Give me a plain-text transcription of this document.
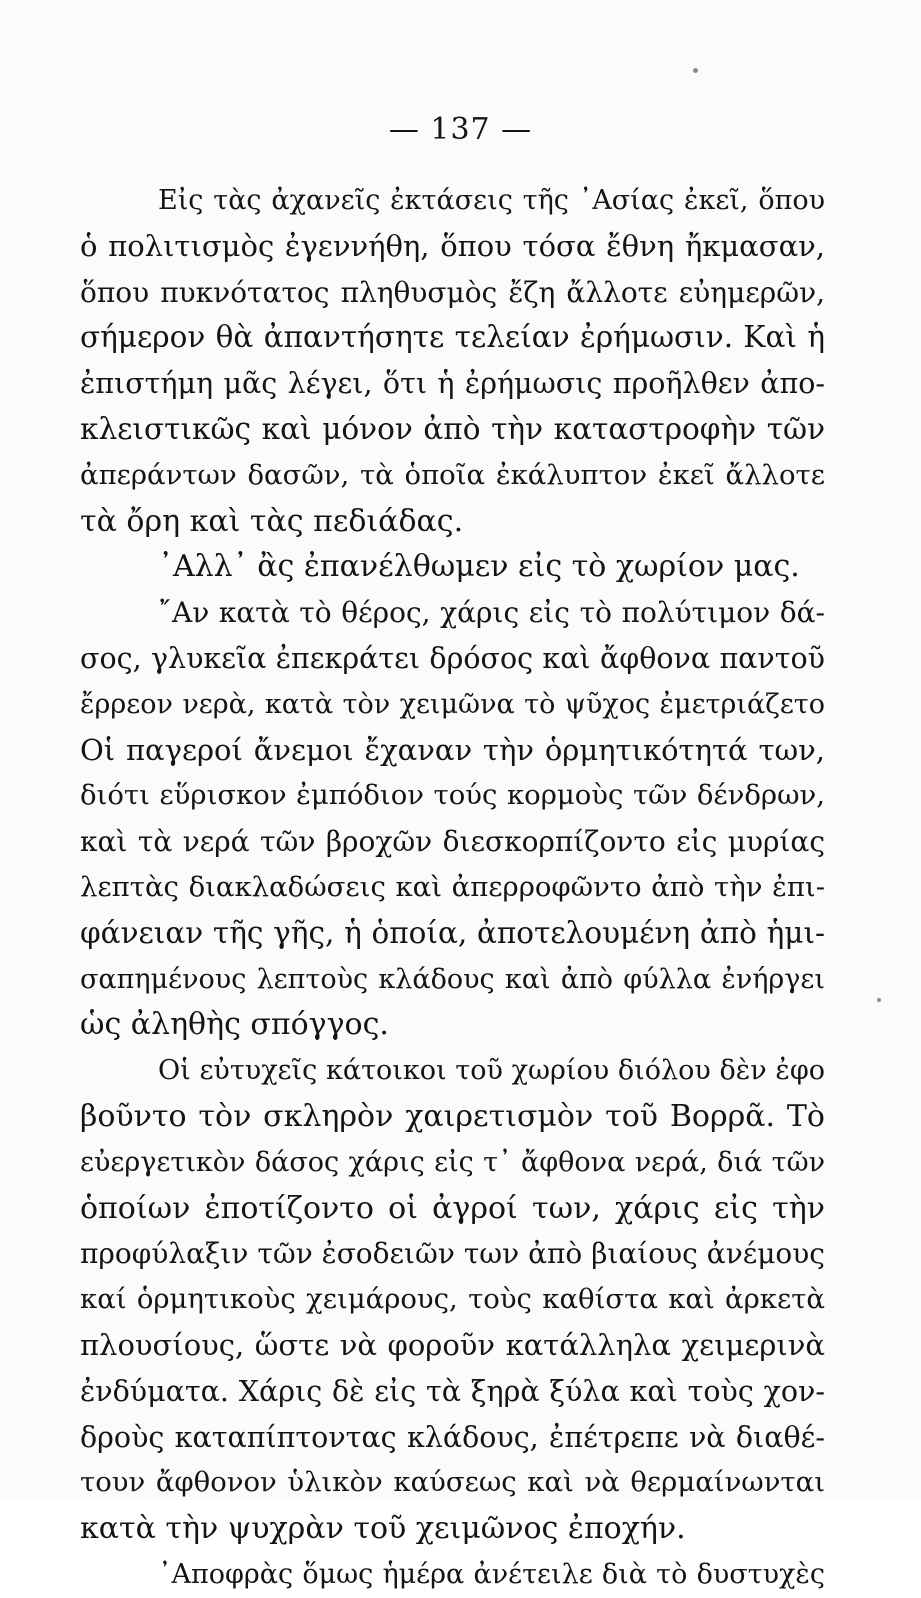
— 137 —
Εἰς τὰς ἀχανεῖς ἐκτάσεις τῆς ᾿Ασίας ἐκεῖ, ὅπου
ὁ πολιτισμὸς ἐγεννήθη, ὅπου τόσα ἔθνη ἤκμασαν,
ὅπου πυκνότατος πληθυσμὸς ἔζη ἄλλοτε εὐημερῶν,
σήμερον θὰ ἀπαντήσητε τελείαν ἐρήμωσιν. Καὶ ἡ
ἐπιστήμη μᾶς λέγει, ὅτι ἡ ἐρήμωσις προῆλθεν ἀπο-
κλειστικῶς καὶ μόνον ἀπὸ τὴν καταστροφὴν τῶν
ἀπεράντων δασῶν, τὰ ὁποῖα ἐκάλυπτον ἐκεῖ ἄλλοτε
τὰ ὄρη καὶ τὰς πεδιάδας.
᾿Αλλ᾿ ἂς ἐπανέλθωμεν εἰς τὸ χωρίον μας.
῎Αν κατὰ τὸ θέρος, χάρις εἰς τὸ πολύτιμον δά-
σος, γλυκεῖα ἐπεκράτει δρόσος καὶ ἄφθονα παντοῦ
ἔρρεον νερὰ, κατὰ τὸν χειμῶνα τὸ ψῦχος ἐμετριάζετο
Οἱ παγεροί ἄνεμοι ἔχαναν τὴν ὁρμητικότητά των,
διότι εὕρισκον ἐμπόδιον τούς κορμοὺς τῶν δένδρων,
καὶ τὰ νερά τῶν βροχῶν διεσκορπίζοντο εἰς μυρίας
λεπτὰς διακλαδώσεις καὶ ἀπερροφῶντο ἀπὸ τὴν ἐπι-
φάνειαν τῆς γῆς, ἡ ὁποία, ἀποτελουμένη ἀπὸ ἡμι-
σαπημένους λεπτοὺς κλάδους καὶ ἀπὸ φύλλα ἐνήργει
ὡς ἀληθὴς σπόγγος.
Οἱ εὐτυχεῖς κάτοικοι τοῦ χωρίου διόλου δὲν ἐφο
βοῦντο τὸν σκληρὸν χαιρετισμὸν τοῦ Βορρᾶ. Τὸ
εὐεργετικὸν δάσος χάρις εἰς τ᾿ ἄφθονα νερά, διά τῶν
ὁποίων ἐποτίζοντο οἱ ἀγροί των, χάρις εἰς τὴν
προφύλαξιν τῶν ἐσοδειῶν των ἀπὸ βιαίους ἀνέμους
καί ὁρμητικοὺς χειμάρους, τοὺς καθίστα καὶ ἀρκετὰ
πλουσίους, ὥστε νὰ φοροῦν κατάλληλα χειμερινὰ
ἐνδύματα. Χάρις δὲ εἰς τὰ ξηρὰ ξύλα καὶ τοὺς χον-
δροὺς καταπίπτοντας κλάδους, ἐπέτρεπε νὰ διαθέ-
τουν ἄφθονον ὑλικὸν καύσεως καὶ νὰ θερμαίνωνται
κατὰ τὴν ψυχρὰν τοῦ χειμῶνος ἐποχήν.
᾿Αποφρὰς ὅμως ἡμέρα ἀνέτειλε διὰ τὸ δυστυχὲς
